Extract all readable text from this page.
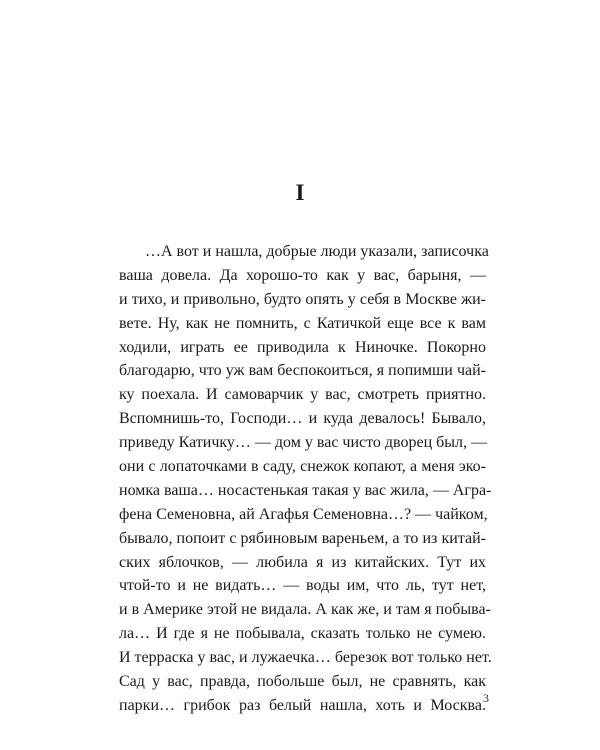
I
…А вот и нашла, добрые люди указали, записочка
ваша довела. Да хорошо-то как у вас, барыня, —
и тихо, и привольно, будто опять у себя в Москве жи-
вете. Ну, как не помнить, с Катичкой еще все к вам
ходили, играть ее приводила к Ниночке. Покорно
благодарю, что уж вам беспокоиться, я попимши чай-
ку поехала. И самоварчик у вас, смотреть приятно.
Вспомнишь-то, Господи… и куда девалось! Бывало,
приведу Катичку… — дом у вас чисто дворец был, —
они с лопаточками в саду, снежок копают, а меня эко-
номка ваша… носастенькая такая у вас жила, — Агра-
фена Семеновна, ай Агафья Семеновна…? — чайком,
бывало, попоит с рябиновым вареньем, а то из китай-
ских яблочков, — любила я из китайских. Тут их
чтой-то и не видать… — воды им, что ль, тут нет,
и в Америке этой не видала. А как же, и там я побыва-
ла… И где я не побывала, сказать только не сумею.
И терраска у вас, и лужаечка… березок вот только нет.
Сад у вас, правда, побольше был, не сравнять, как
парки… грибок раз белый нашла, хоть и Москва.
3
